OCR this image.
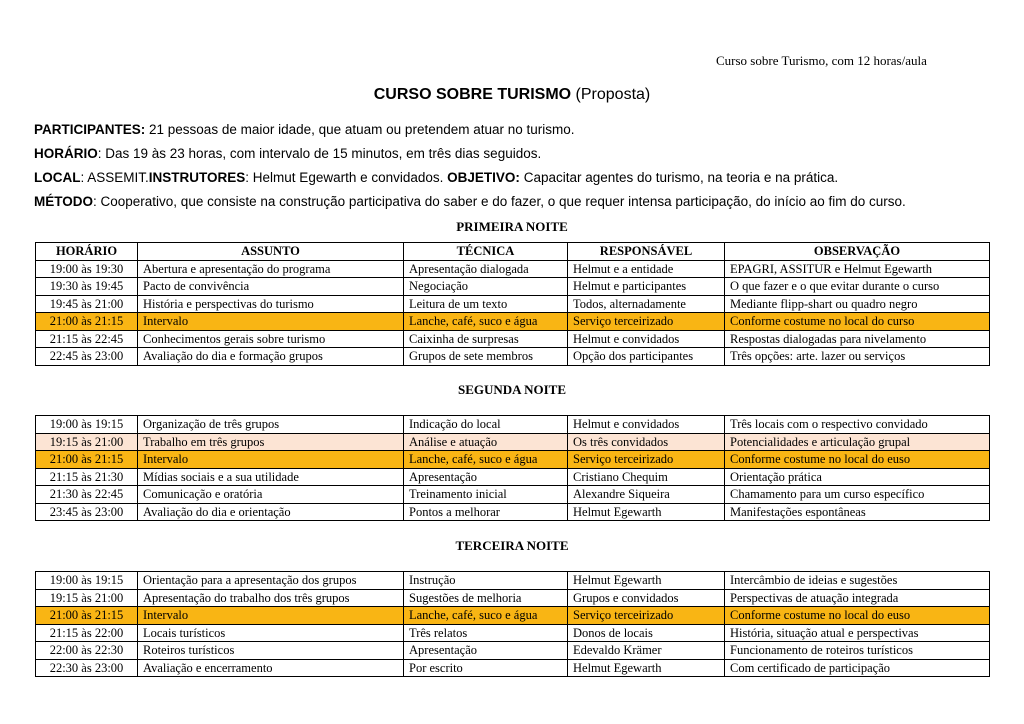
Curso sobre Turismo, com 12 horas/aula
CURSO SOBRE TURISMO (Proposta)
PARTICIPANTES: 21 pessoas de maior idade, que atuam ou pretendem atuar no turismo.
HORÁRIO: Das 19 às 23 horas, com intervalo de 15 minutos, em três dias seguidos.
LOCAL: ASSEMIT.INSTRUTORES: Helmut Egewarth e convidados. OBJETIVO: Capacitar agentes do turismo, na teoria e na prática.
MÉTODO: Cooperativo, que consiste na construção participativa do saber e do fazer, o que requer intensa participação, do início ao fim do curso.
PRIMEIRA NOITE
HORÁRIO	ASSUNTO	TÉCNICA	RESPONSÁVEL	OBSERVAÇÃO
19:00 às 19:30	Abertura e apresentação do programa	Apresentação dialogada	Helmut e a entidade	EPAGRI, ASSITUR e Helmut Egewarth
19:30 às 19:45	Pacto de convivência	Negociação	Helmut e participantes	O que fazer e o que evitar durante o curso
19:45 às 21:00	História e perspectivas do turismo	Leitura de um texto	Todos, alternadamente	Mediante flipp-shart ou quadro negro
21:00 às 21:15	Intervalo	Lanche, café, suco e água	Serviço terceirizado	Conforme costume no local do curso
21:15 às 22:45	Conhecimentos gerais sobre turismo	Caixinha de surpresas	Helmut e convidados	Respostas dialogadas para nivelamento
22:45 às 23:00	Avaliação do dia e formação grupos	Grupos de sete membros	Opção dos participantes	Três opções: arte. lazer ou serviços
SEGUNDA NOITE
19:00 às 19:15	Organização de três grupos	Indicação do local	Helmut e convidados	Três locais com o respectivo convidado
19:15 às 21:00	Trabalho em três grupos	Análise e atuação	Os três convidados	Potencialidades e articulação grupal
21:00 às 21:15	Intervalo	Lanche, café, suco e água	Serviço terceirizado	Conforme costume no local do euso
21:15 às 21:30	Mídias sociais e a sua utilidade	Apresentação	Cristiano Chequim	Orientação prática
21:30 às 22:45	Comunicação e oratória	Treinamento inicial	Alexandre Siqueira	Chamamento para um curso específico
23:45 às 23:00	Avaliação do dia e orientação	Pontos a melhorar	Helmut Egewarth	Manifestações espontâneas
TERCEIRA NOITE
19:00 às 19:15	Orientação para a apresentação dos grupos	Instrução	Helmut Egewarth	Intercâmbio de ideias e sugestões
19:15 às 21:00	Apresentação do trabalho dos três grupos	Sugestões de melhoria	Grupos e convidados	Perspectivas de atuação integrada
21:00 às 21:15	Intervalo	Lanche, café, suco e água	Serviço terceirizado	Conforme costume no local do euso
21:15 às 22:00	Locais turísticos	Três relatos	Donos de locais	História, situação atual e perspectivas
22:00 às 22:30	Roteiros turísticos	Apresentação	Edevaldo Krämer	Funcionamento de roteiros turísticos
22:30 às 23:00	Avaliação e encerramento	Por escrito	Helmut Egewarth	Com certificado de participação
